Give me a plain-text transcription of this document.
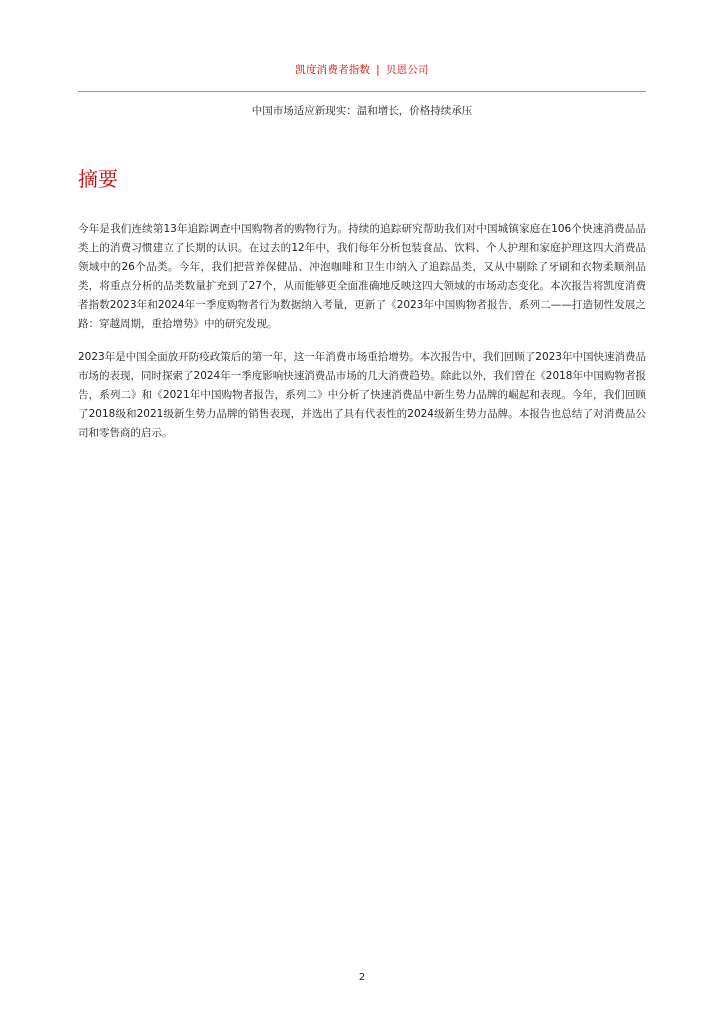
凯度消费者指数 | 贝恩公司
中国市场适应新现实：温和增长，价格持续承压
摘要

今年是我们连续第13年追踪调查中国购物者的购物行为。持续的追踪研究帮助我们对中国城镇家庭在106个快速消费品品类上的消费习惯建立了长期的认识。在过去的12年中，我们每年分析包装食品、饮料、个人护理和家庭护理这四大消费品领域中的26个品类。今年，我们把营养保健品、冲泡咖啡和卫生巾纳入了追踪品类，又从中剔除了牙刷和衣物柔顺剂品类，将重点分析的品类数量扩充到了27个，从而能够更全面准确地反映这四大领域的市场动态变化。本次报告将凯度消费者指数2023年和2024年一季度购物者行为数据纳入考量，更新了《2023年中国购物者报告，系列二——打造韧性发展之路：穿越周期，重拾增势》中的研究发现。

2023年是中国全面放开防疫政策后的第一年，这一年消费市场重拾增势。本次报告中，我们回顾了2023年中国快速消费品市场的表现，同时探索了2024年一季度影响快速消费品市场的几大消费趋势。除此以外，我们曾在《2018年中国购物者报告，系列二》和《2021年中国购物者报告，系列二》中分析了快速消费品中新生势力品牌的崛起和表现。今年，我们回顾了2018级和2021级新生势力品牌的销售表现，并选出了具有代表性的2024级新生势力品牌。本报告也总结了对消费品公司和零售商的启示。

2
